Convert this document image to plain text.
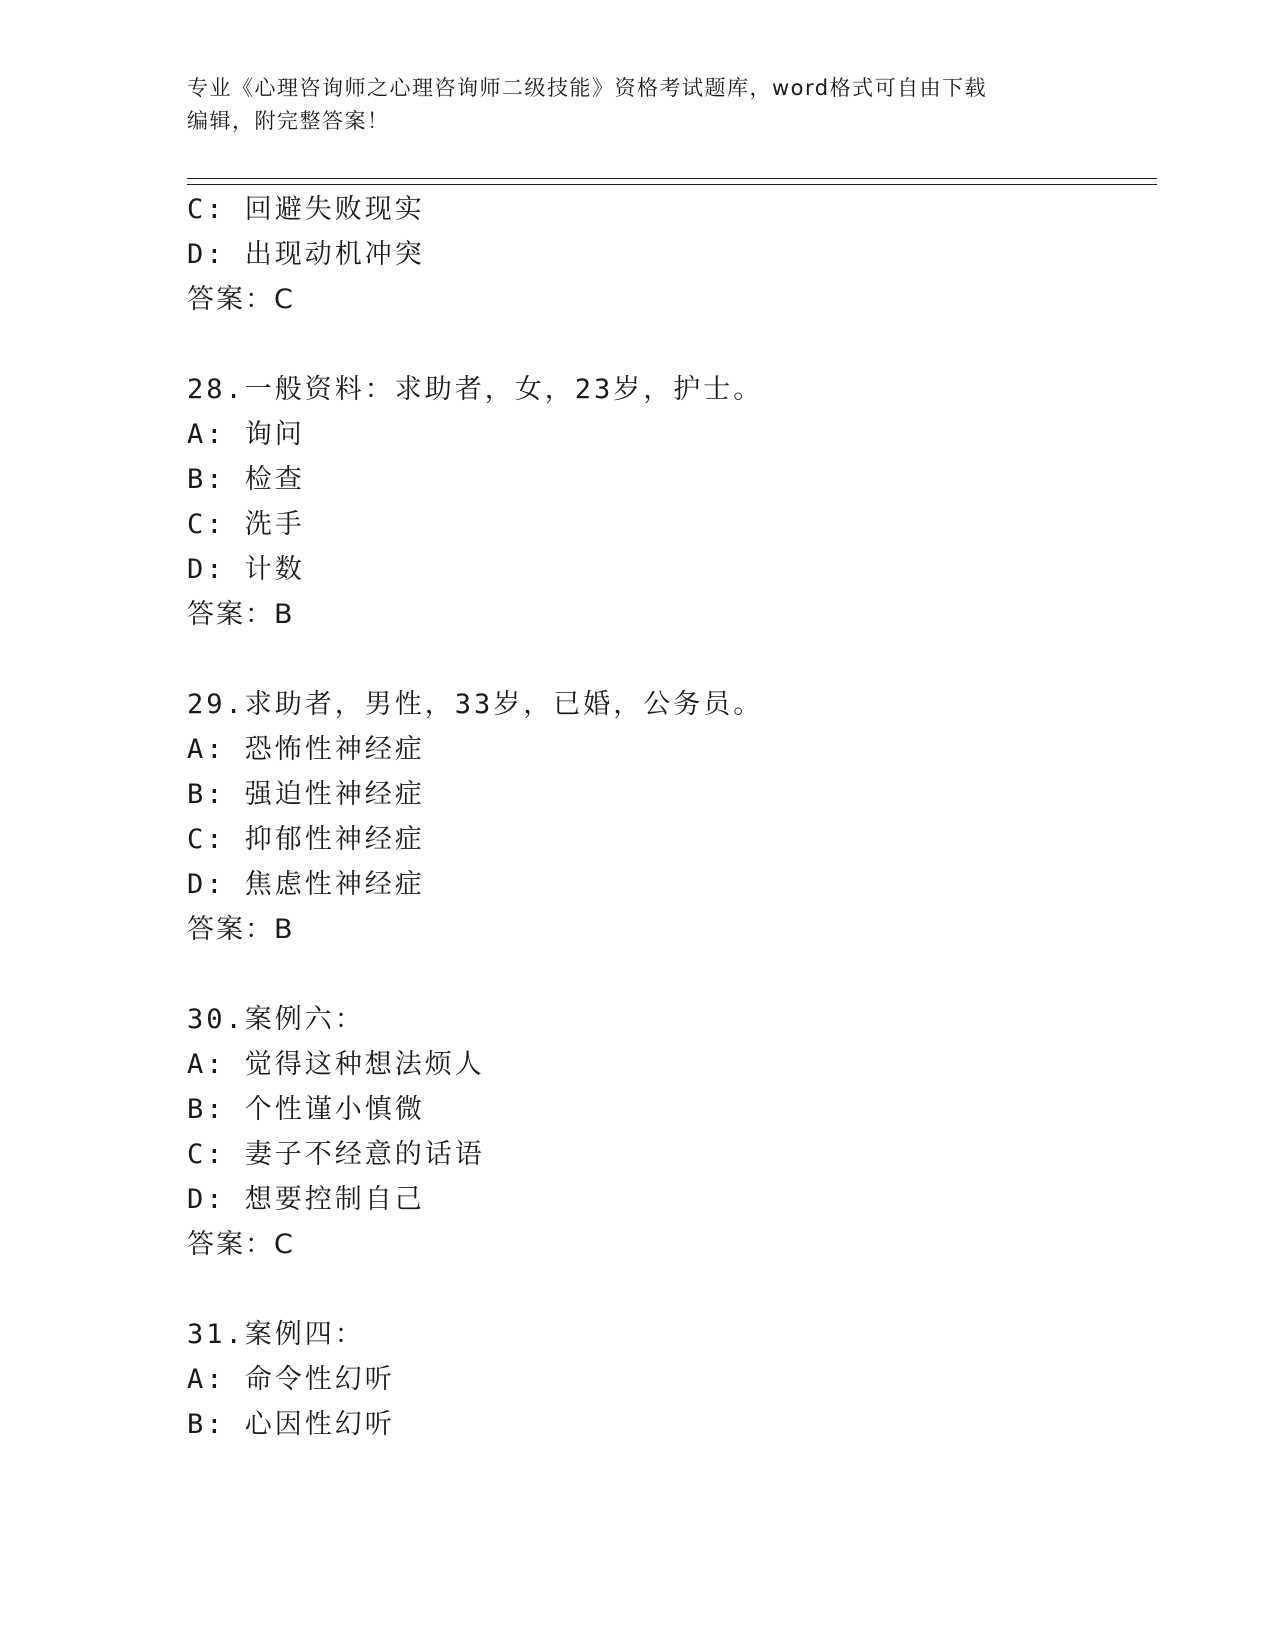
专业《心理咨询师之心理咨询师二级技能》资格考试题库，word格式可自由下载
编辑，附完整答案！
C: 回避失败现实
D: 出现动机冲突
答案：C
28.一般资料：求助者，女，23岁，护士。
A: 询问
B: 检查
C: 洗手
D: 计数
答案：B
29.求助者，男性，33岁，已婚，公务员。
A: 恐怖性神经症
B: 强迫性神经症
C: 抑郁性神经症
D: 焦虑性神经症
答案：B
30.案例六：
A: 觉得这种想法烦人
B: 个性谨小慎微
C: 妻子不经意的话语
D: 想要控制自己
答案：C
31.案例四：
A: 命令性幻听
B: 心因性幻听
